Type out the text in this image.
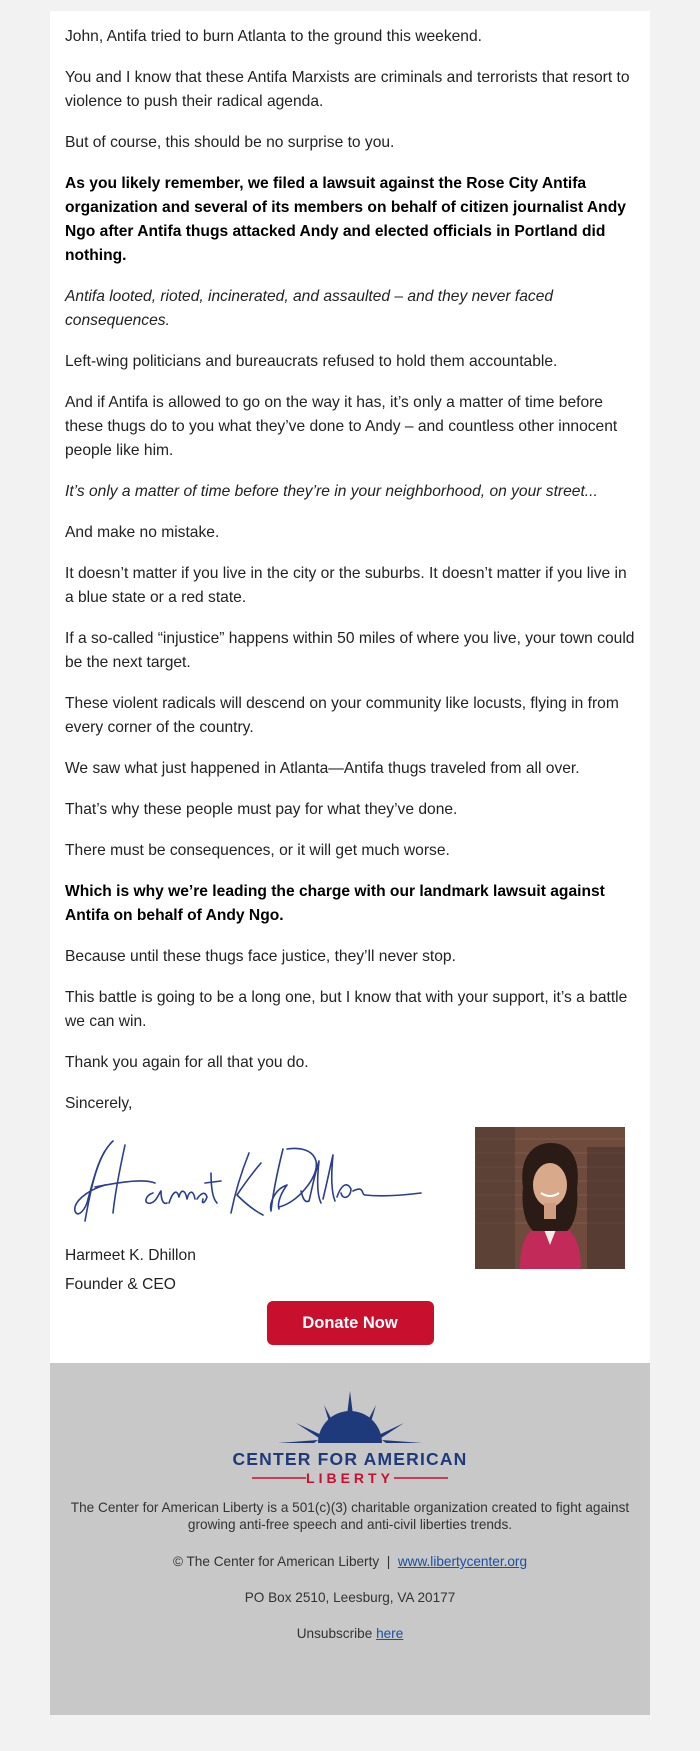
John, Antifa tried to burn Atlanta to the ground this weekend.

You and I know that these Antifa Marxists are criminals and terrorists that resort to violence to push their radical agenda.

But of course, this should be no surprise to you.

As you likely remember, we filed a lawsuit against the Rose City Antifa organization and several of its members on behalf of citizen journalist Andy Ngo after Antifa thugs attacked Andy and elected officials in Portland did nothing.

Antifa looted, rioted, incinerated, and assaulted – and they never faced consequences.

Left-wing politicians and bureaucrats refused to hold them accountable.

And if Antifa is allowed to go on the way it has, it’s only a matter of time before these thugs do to you what they’ve done to Andy – and countless other innocent people like him.

It’s only a matter of time before they’re in your neighborhood, on your street...

And make no mistake.

It doesn’t matter if you live in the city or the suburbs. It doesn’t matter if you live in a blue state or a red state.

If a so-called “injustice” happens within 50 miles of where you live, your town could be the next target.

These violent radicals will descend on your community like locusts, flying in from every corner of the country.

We saw what just happened in Atlanta—Antifa thugs traveled from all over.

That’s why these people must pay for what they’ve done.

There must be consequences, or it will get much worse.

Which is why we’re leading the charge with our landmark lawsuit against Antifa on behalf of Andy Ngo.

Because until these thugs face justice, they’ll never stop.

This battle is going to be a long one, but I know that with your support, it’s a battle we can win.

Thank you again for all that you do.

Sincerely,

Harmeet K. Dhillon
Founder & CEO
Donate Now
CENTER FOR AMERICAN
LIBERTY

The Center for American Liberty is a 501(c)(3) charitable organization created to fight against growing anti-free speech and anti-civil liberties trends.

© The Center for American Liberty | www.libertycenter.org

PO Box 2510, Leesburg, VA 20177

Unsubscribe here
